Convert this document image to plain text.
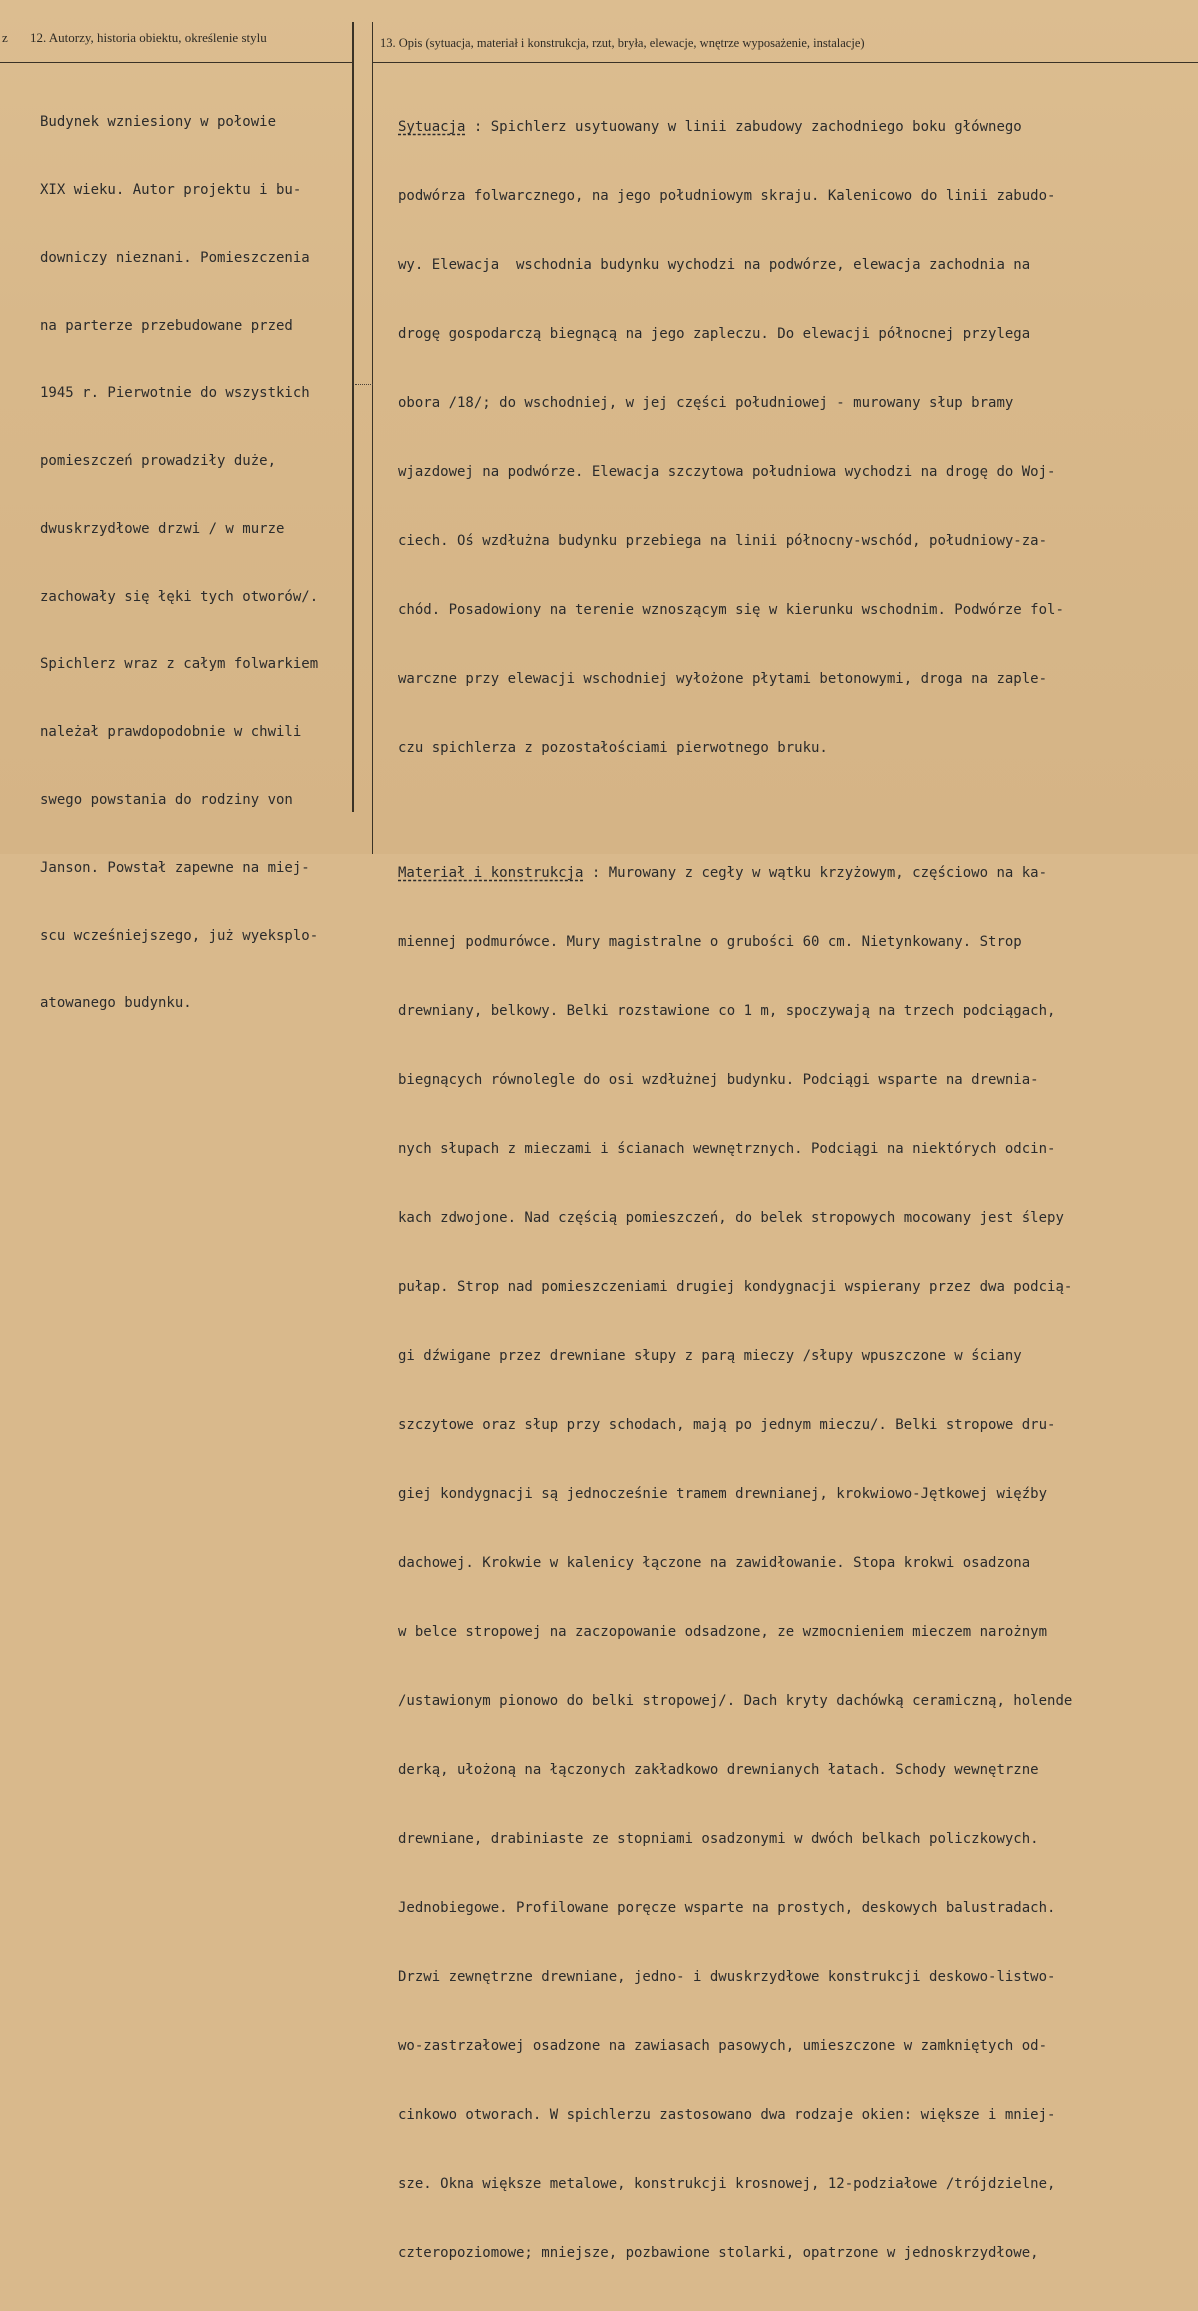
z 12. Autorzy, historia obiektu, określenie stylu	13. Opis (sytuacja, materiał i konstrukcja, rzut, bryła, elewacje, wnętrze wyposażenie, instalacje)

Budynek wzniesiony w połowie

XIX wieku. Autor projektu i bu-

downiczy nieznani. Pomieszczenia

na parterze przebudowane przed

1945 r. Pierwotnie do wszystkich

pomieszczeń prowadziły duże,

dwuskrzydłowe drzwi / w murze

zachowały się łęki tych otworów/.

Spichlerz wraz z całym folwarkiem

należał prawdopodobnie w chwili

swego powstania do rodziny von

Janson. Powstał zapewne na miej-

scu wcześniejszego, już wyeksplo-

atowanego budynku.

Sytuacja : Spichlerz usytuowany w linii zabudowy zachodniego boku głównego

podwórza folwarcznego, na jego południowym skraju. Kalenicowo do linii zabudo-

wy. Elewacja  wschodnia budynku wychodzi na podwórze, elewacja zachodnia na

drogę gospodarczą biegnącą na jego zapleczu. Do elewacji północnej przylega

obora /18/; do wschodniej, w jej części południowej - murowany słup bramy

wjazdowej na podwórze. Elewacja szczytowa południowa wychodzi na drogę do Woj-

ciech. Oś wzdłużna budynku przebiega na linii północny-wschód, południowy-za-

chód. Posadowiony na terenie wznoszącym się w kierunku wschodnim. Podwórze fol-

warczne przy elewacji wschodniej wyłożone płytami betonowymi, droga na zaple-

czu spichlerza z pozostałościami pierwotnego bruku.

Materiał i konstrukcja : Murowany z cegły w wątku krzyżowym, częściowo na ka-

miennej podmurówce. Mury magistralne o grubości 60 cm. Nietynkowany. Strop

drewniany, belkowy. Belki rozstawione co 1 m, spoczywają na trzech podciągach,

biegnących równolegle do osi wzdłużnej budynku. Podciągi wsparte na drewnia-

nych słupach z mieczami i ścianach wewnętrznych. Podciągi na niektórych odcin-

kach zdwojone. Nad częścią pomieszczeń, do belek stropowych mocowany jest ślepy

pułap. Strop nad pomieszczeniami drugiej kondygnacji wspierany przez dwa podcią-

gi dźwigane przez drewniane słupy z parą mieczy /słupy wpuszczone w ściany

szczytowe oraz słup przy schodach, mają po jednym mieczu/. Belki stropowe dru-

giej kondygnacji są jednocześnie tramem drewnianej, krokwiowo-Jętkowej więźby

dachowej. Krokwie w kalenicy łączone na zawidłowanie. Stopa krokwi osadzona

w belce stropowej na zaczopowanie odsadzone, ze wzmocnieniem mieczem narożnym

/ustawionym pionowo do belki stropowej/. Dach kryty dachówką ceramiczną, holende

derką, ułożoną na łączonych zakładkowo drewnianych łatach. Schody wewnętrzne

drewniane, drabiniaste ze stopniami osadzonymi w dwóch belkach policzkowych.

Jednobiegowe. Profilowane poręcze wsparte na prostych, deskowych balustradach.

Drzwi zewnętrzne drewniane, jedno- i dwuskrzydłowe konstrukcji deskowo-listwo-

wo-zastrzałowej osadzone na zawiasach pasowych, umieszczone w zamkniętych od-

cinkowo otworach. W spichlerzu zastosowano dwa rodzaje okien: większe i mniej-

sze. Okna większe metalowe, konstrukcji krosnowej, 12-podziałowe /trójdzielne,

czteropoziomowe; mniejsze, pozbawione stolarki, opatrzone w jednoskrzydłowe,
